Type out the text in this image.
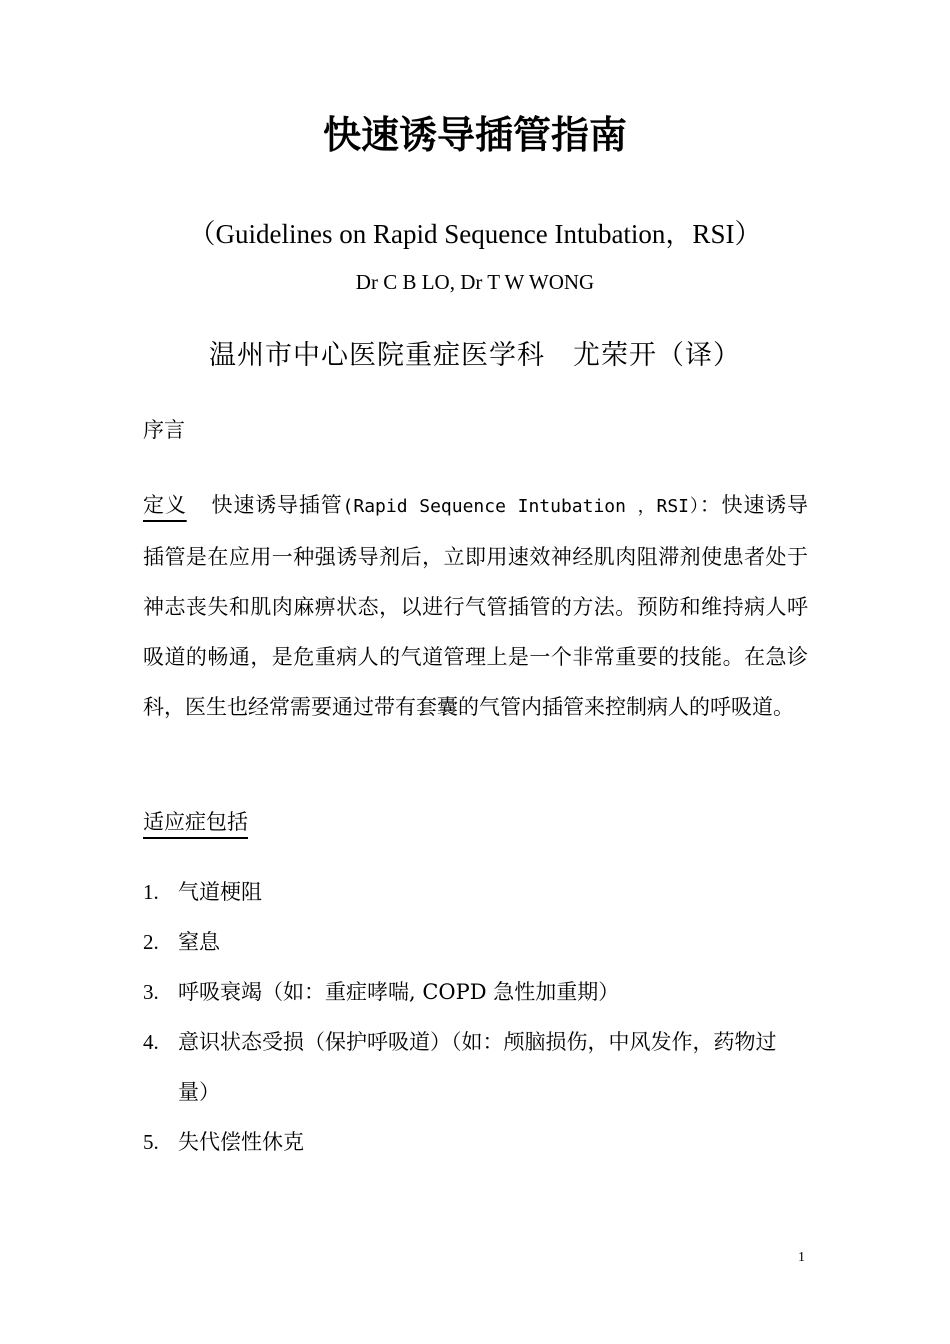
快速诱导插管指南
（Guidelines on Rapid Sequence Intubation，RSI）
Dr C B LO, Dr T W WONG
温州市中心医院重症医学科　尤荣开（译）
序言
定义 快速诱导插管(Rapid Sequence Intubation ，RSI）：快速诱导插管是在应用一种强诱导剂后，立即用速效神经肌肉阻滞剂使患者处于神志丧失和肌肉麻痹状态，以进行气管插管的方法。预防和维持病人呼吸道的畅通，是危重病人的气道管理上是一个非常重要的技能。在急诊科，医生也经常需要通过带有套囊的气管内插管来控制病人的呼吸道。
适应症包括
1. 气道梗阻
2. 窒息
3. 呼吸衰竭（如：重症哮喘, COPD 急性加重期）
4. 意识状态受损（保护呼吸道）（如：颅脑损伤，中风发作，药物过量）
5. 失代偿性休克
1
